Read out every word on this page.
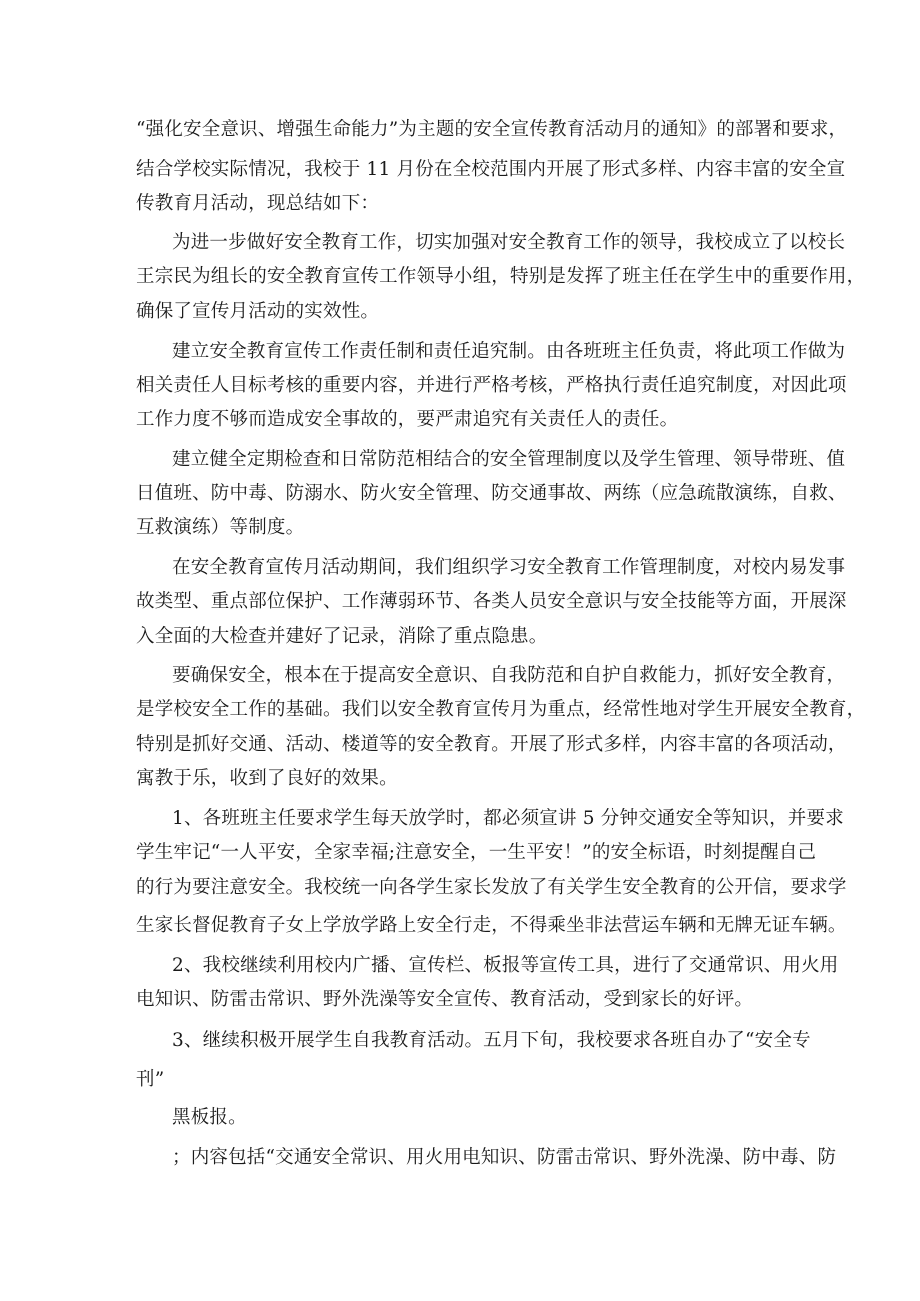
“强化安全意识、增强生命能力”为主题的安全宣传教育活动月的通知》的部署和要求，
结合学校实际情况，我校于 11 月份在全校范围内开展了形式多样、内容丰富的安全宣
传教育月活动，现总结如下：
为进一步做好安全教育工作，切实加强对安全教育工作的领导，我校成立了以校长
王宗民为组长的安全教育宣传工作领导小组，特别是发挥了班主任在学生中的重要作用，
确保了宣传月活动的实效性。
建立安全教育宣传工作责任制和责任追究制。由各班班主任负责，将此项工作做为
相关责任人目标考核的重要内容，并进行严格考核，严格执行责任追究制度，对因此项
工作力度不够而造成安全事故的，要严肃追究有关责任人的责任。
建立健全定期检查和日常防范相结合的安全管理制度以及学生管理、领导带班、值
日值班、防中毒、防溺水、防火安全管理、防交通事故、两练（应急疏散演练，自救、
互救演练）等制度。
在安全教育宣传月活动期间，我们组织学习安全教育工作管理制度，对校内易发事
故类型、重点部位保护、工作薄弱环节、各类人员安全意识与安全技能等方面，开展深
入全面的大检查并建好了记录，消除了重点隐患。
要确保安全，根本在于提高安全意识、自我防范和自护自救能力，抓好安全教育，
是学校安全工作的基础。我们以安全教育宣传月为重点，经常性地对学生开展安全教育，
特别是抓好交通、活动、楼道等的安全教育。开展了形式多样，内容丰富的各项活动，
寓教于乐，收到了良好的效果。
1、各班班主任要求学生每天放学时，都必须宣讲 5 分钟交通安全等知识，并要求
学生牢记“一人平安，全家幸福;注意安全，一生平安！”的安全标语，时刻提醒自己
的行为要注意安全。我校统一向各学生家长发放了有关学生安全教育的公开信，要求学
生家长督促教育子女上学放学路上安全行走，不得乘坐非法营运车辆和无牌无证车辆。
2、我校继续利用校内广播、宣传栏、板报等宣传工具，进行了交通常识、用火用
电知识、防雷击常识、野外洗澡等安全宣传、教育活动，受到家长的好评。
3、继续积极开展学生自我教育活动。五月下旬，我校要求各班自办了“安全专
刊”
黑板报。
；内容包括“交通安全常识、用火用电知识、防雷击常识、野外洗澡、防中毒、防
